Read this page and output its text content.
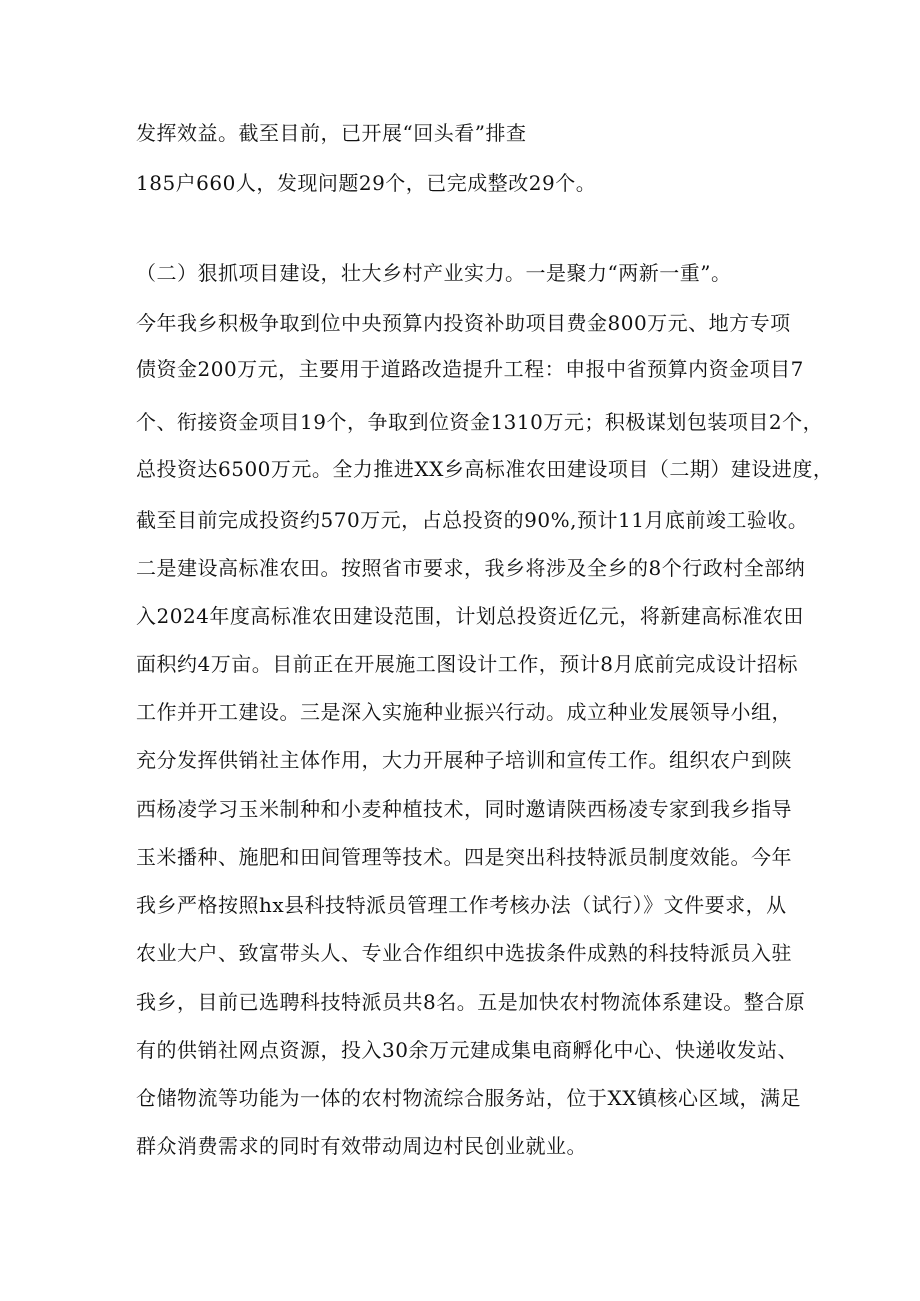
发挥效益。截至目前，已开展“回头看”排查
185户660人，发现问题29个，已完成整改29个。
（二）狠抓项目建设，壮大乡村产业实力。一是聚力“两新一重”。
今年我乡积极争取到位中央预算内投资补助项目费金800万元、地方专项
债资金200万元，主要用于道路改造提升工程：申报中省预算内资金项目7
个、衔接资金项目19个，争取到位资金1310万元；积极谋划包装项目2个，
总投资达6500万元。全力推进XX乡高标准农田建设项目（二期）建设进度，
截至目前完成投资约570万元，占总投资的90%,预计11月底前竣工验收。
二是建设高标准农田。按照省市要求，我乡将涉及全乡的8个行政村全部纳
入2024年度高标准农田建设范围，计划总投资近亿元，将新建高标准农田
面积约4万亩。目前正在开展施工图设计工作，预计8月底前完成设计招标
工作并开工建设。三是深入实施种业振兴行动。成立种业发展领导小组，
充分发挥供销社主体作用，大力开展种子培训和宣传工作。组织农户到陕
西杨凌学习玉米制种和小麦种植技术，同时邀请陕西杨凌专家到我乡指导
玉米播种、施肥和田间管理等技术。四是突出科技特派员制度效能。今年
我乡严格按照hx县科技特派员管理工作考核办法（试行）》文件要求，从
农业大户、致富带头人、专业合作组织中选拔条件成熟的科技特派员入驻
我乡，目前已选聘科技特派员共8名。五是加快农村物流体系建设。整合原
有的供销社网点资源，投入30余万元建成集电商孵化中心、快递收发站、
仓储物流等功能为一体的农村物流综合服务站，位于XX镇核心区域，满足
群众消费需求的同时有效带动周边村民创业就业。
